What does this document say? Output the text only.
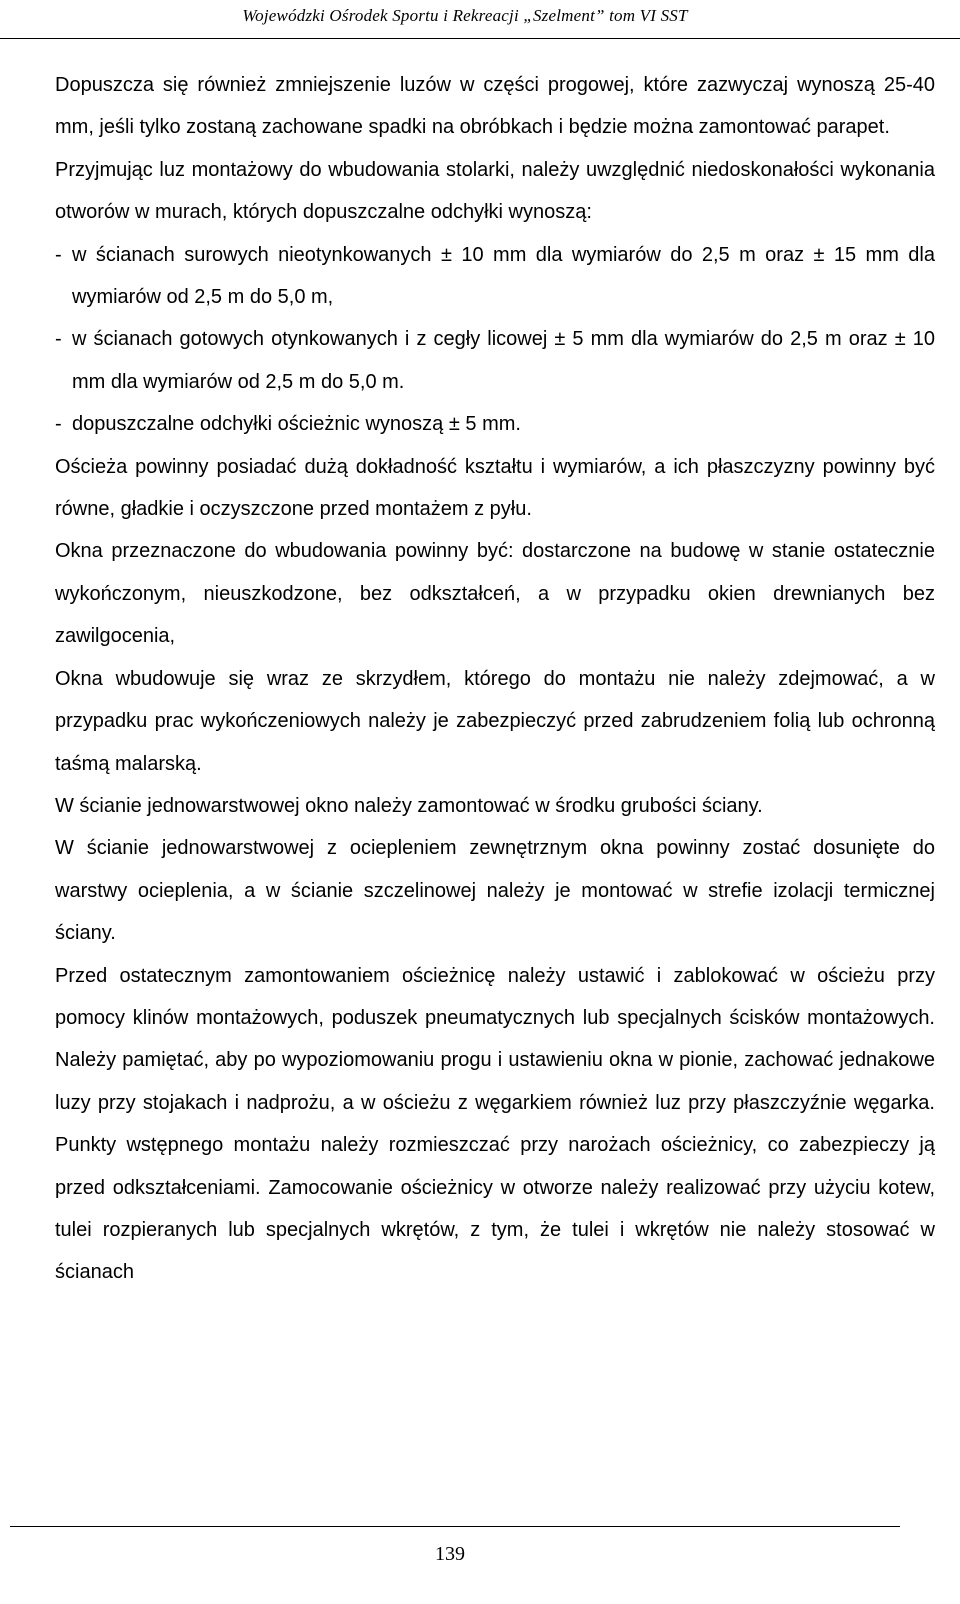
Wojewódzki Ośrodek Sportu i Rekreacji „Szelment” tom VI SST

Dopuszcza się również zmniejszenie luzów w części progowej, które zazwyczaj wynoszą 25-40 mm, jeśli tylko zostaną zachowane spadki na obróbkach i będzie można zamontować parapet.

Przyjmując luz montażowy do wbudowania stolarki, należy uwzględnić niedoskonałości wykonania otworów w murach, których dopuszczalne odchyłki wynoszą:

- w ścianach surowych nieotynkowanych ± 10 mm dla wymiarów do 2,5 m oraz ± 15 mm dla wymiarów od 2,5 m do 5,0 m,
- w ścianach gotowych otynkowanych i z cegły licowej ± 5 mm dla wymiarów do 2,5 m oraz ± 10 mm dla wymiarów od 2,5 m do 5,0 m.
- dopuszczalne odchyłki ościeżnic wynoszą ± 5 mm.

Ościeża powinny posiadać dużą dokładność kształtu i wymiarów, a ich płaszczyzny powinny być równe, gładkie i oczyszczone przed montażem z pyłu.

Okna przeznaczone do wbudowania powinny być: dostarczone na budowę w stanie ostatecznie wykończonym, nieuszkodzone, bez odkształceń, a w przypadku okien drewnianych bez zawilgocenia,

Okna wbudowuje się wraz ze skrzydłem, którego do montażu nie należy zdejmować, a w przypadku prac wykończeniowych należy je zabezpieczyć przed zabrudzeniem folią lub ochronną taśmą malarską.

W ścianie jednowarstwowej okno należy zamontować w środku grubości ściany.

W ścianie jednowarstwowej z ociepleniem zewnętrznym okna powinny zostać dosunięte do warstwy ocieplenia, a w ścianie szczelinowej należy je montować w strefie izolacji termicznej ściany.

Przed ostatecznym zamontowaniem ościeżnicę należy ustawić i zablokować w ościeżu przy pomocy klinów montażowych, poduszek pneumatycznych lub specjalnych ścisków montażowych. Należy pamiętać, aby po wypoziomowaniu progu i ustawieniu okna w pionie, zachować jednakowe luzy przy stojakach i nadprożu, a w ościeżu z węgarkiem również luz przy płaszczyźnie węgarka. Punkty wstępnego montażu należy rozmieszczać przy narożach ościeżnicy, co zabezpieczy ją przed odkształceniami. Zamocowanie ościeżnicy w otworze należy realizować przy użyciu kotew, tulei rozpieranych lub specjalnych wkrętów, z tym, że tulei i wkrętów nie należy stosować w ścianach

139
